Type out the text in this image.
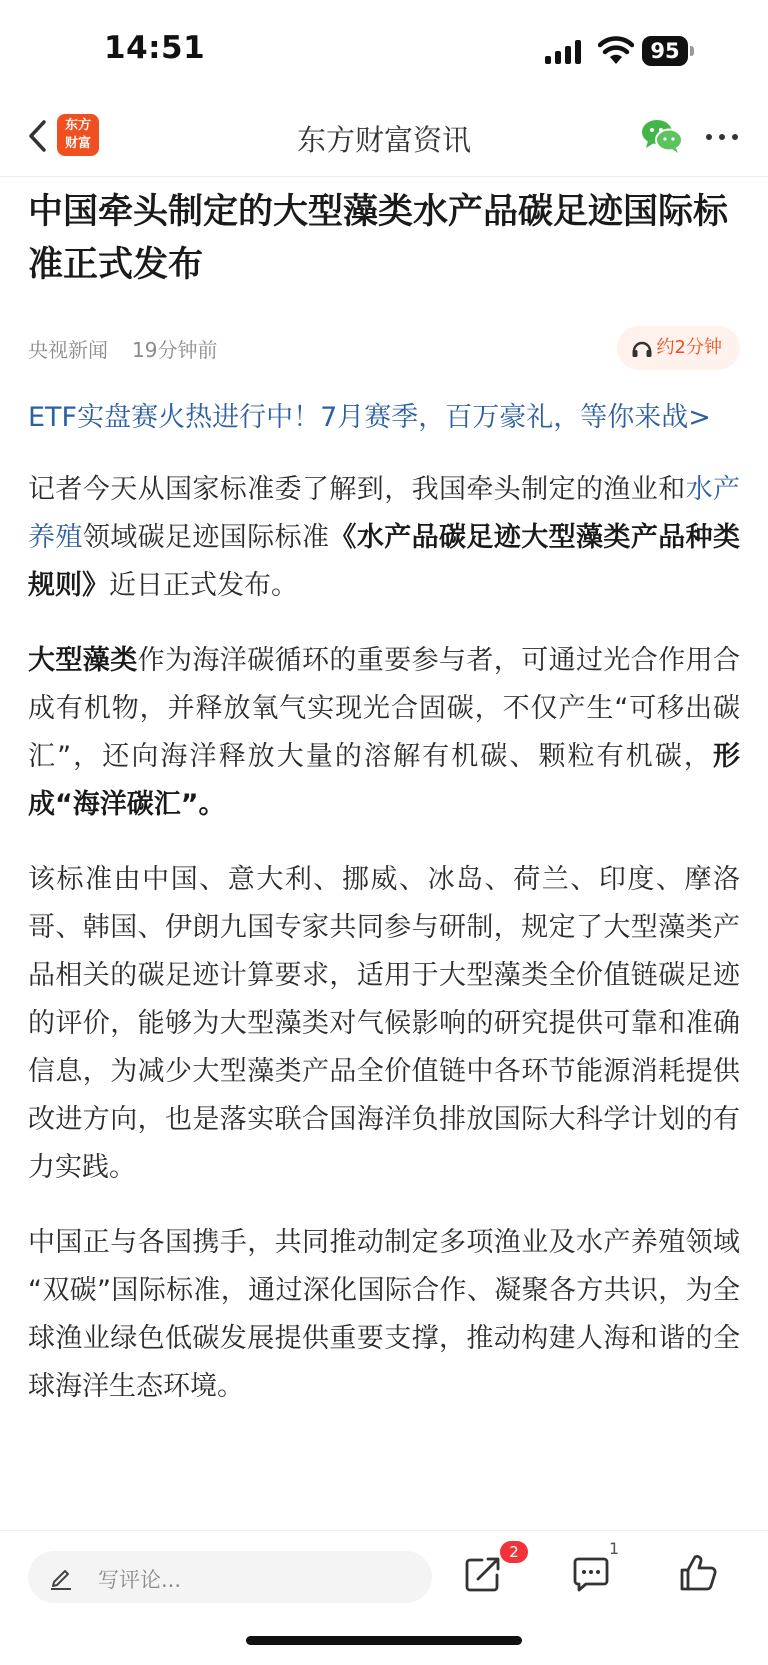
14:51	95
东方财富资讯
东方
财富
中国牵头制定的大型藻类水产品碳足迹国际标准正式发布
央视新闻 19分钟前	约2分钟
ETF实盘赛火热进行中！7月赛季，百万豪礼，等你来战>

记者今天从国家标准委了解到，我国牵头制定的渔业和水产养殖领域碳足迹国际标准《水产品碳足迹大型藻类产品种类规则》近日正式发布。

大型藻类作为海洋碳循环的重要参与者，可通过光合作用合成有机物，并释放氧气实现光合固碳，不仅产生“可移出碳汇”，还向海洋释放大量的溶解有机碳、颗粒有机碳，形成“海洋碳汇”。

该标准由中国、意大利、挪威、冰岛、荷兰、印度、摩洛哥、韩国、伊朗九国专家共同参与研制，规定了大型藻类产品相关的碳足迹计算要求，适用于大型藻类全价值链碳足迹的评价，能够为大型藻类对气候影响的研究提供可靠和准确信息，为减少大型藻类产品全价值链中各环节能源消耗提供改进方向，也是落实联合国海洋负排放国际大科学计划的有力实践。

中国正与各国携手，共同推动制定多项渔业及水产养殖领域 “双碳”国际标准，通过深化国际合作、凝聚各方共识，为全球渔业绿色低碳发展提供重要支撑，推动构建人海和谐的全球海洋生态环境。

写评论...
2	1
